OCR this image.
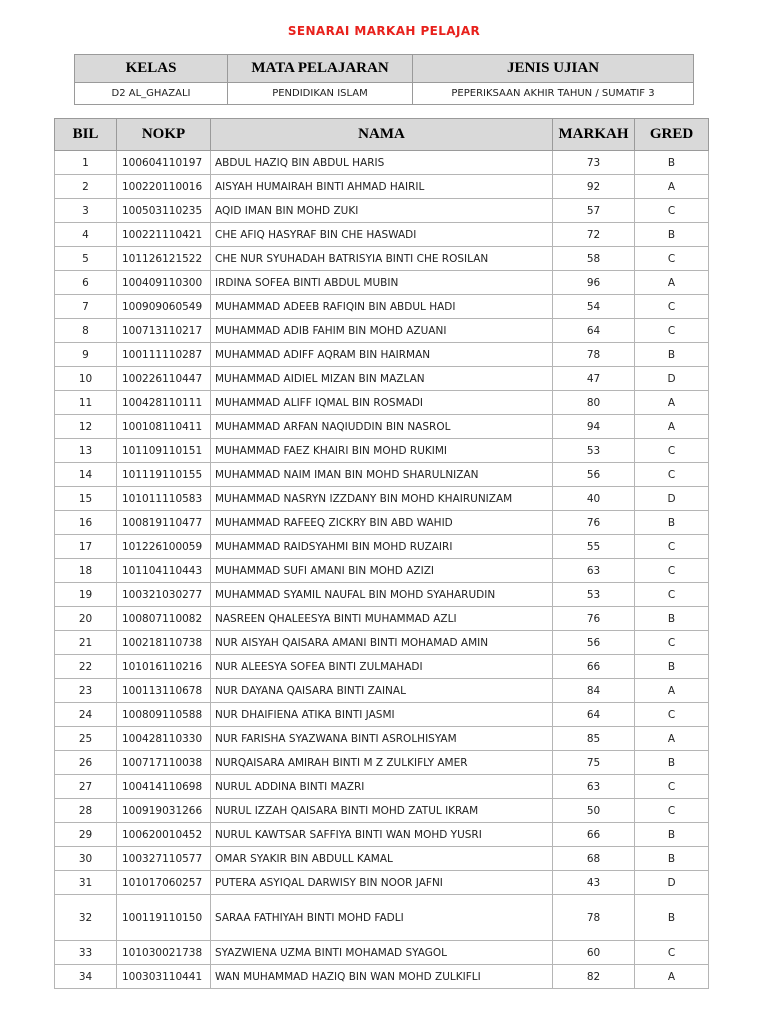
SENARAI MARKAH PELAJAR
KELAS	MATA PELAJARAN	JENIS UJIAN
D2 AL_GHAZALI	PENDIDIKAN ISLAM	PEPERIKSAAN AKHIR TAHUN / SUMATIF 3
BIL	NOKP	NAMA	MARKAH	GRED
1	100604110197	ABDUL HAZIQ BIN ABDUL HARIS	73	B
2	100220110016	AISYAH HUMAIRAH BINTI AHMAD HAIRIL	92	A
3	100503110235	AQID IMAN BIN MOHD ZUKI	57	C
4	100221110421	CHE AFIQ HASYRAF BIN CHE HASWADI	72	B
5	101126121522	CHE NUR SYUHADAH BATRISYIA BINTI CHE ROSILAN	58	C
6	100409110300	IRDINA SOFEA BINTI ABDUL MUBIN	96	A
7	100909060549	MUHAMMAD ADEEB RAFIQIN BIN ABDUL HADI	54	C
8	100713110217	MUHAMMAD ADIB FAHIM BIN MOHD AZUANI	64	C
9	100111110287	MUHAMMAD ADIFF AQRAM BIN HAIRMAN	78	B
10	100226110447	MUHAMMAD AIDIEL MIZAN BIN MAZLAN	47	D
11	100428110111	MUHAMMAD ALIFF IQMAL BIN ROSMADI	80	A
12	100108110411	MUHAMMAD ARFAN NAQIUDDIN BIN NASROL	94	A
13	101109110151	MUHAMMAD FAEZ KHAIRI BIN MOHD RUKIMI	53	C
14	101119110155	MUHAMMAD NAIM IMAN BIN MOHD SHARULNIZAN	56	C
15	101011110583	MUHAMMAD NASRYN IZZDANY BIN MOHD KHAIRUNIZAM	40	D
16	100819110477	MUHAMMAD RAFEEQ ZICKRY BIN ABD WAHID	76	B
17	101226100059	MUHAMMAD RAIDSYAHMI BIN MOHD RUZAIRI	55	C
18	101104110443	MUHAMMAD SUFI AMANI BIN MOHD AZIZI	63	C
19	100321030277	MUHAMMAD SYAMIL NAUFAL BIN MOHD SYAHARUDIN	53	C
20	100807110082	NASREEN QHALEESYA BINTI MUHAMMAD AZLI	76	B
21	100218110738	NUR AISYAH QAISARA AMANI BINTI MOHAMAD AMIN	56	C
22	101016110216	NUR ALEESYA SOFEA BINTI ZULMAHADI	66	B
23	100113110678	NUR DAYANA QAISARA BINTI ZAINAL	84	A
24	100809110588	NUR DHAIFIENA ATIKA BINTI JASMI	64	C
25	100428110330	NUR FARISHA SYAZWANA BINTI ASROLHISYAM	85	A
26	100717110038	NURQAISARA AMIRAH BINTI M Z ZULKIFLY AMER	75	B
27	100414110698	NURUL ADDINA BINTI MAZRI	63	C
28	100919031266	NURUL IZZAH QAISARA BINTI MOHD ZATUL IKRAM	50	C
29	100620010452	NURUL KAWTSAR SAFFIYA BINTI WAN MOHD YUSRI	66	B
30	100327110577	OMAR SYAKIR BIN ABDULL KAMAL	68	B
31	101017060257	PUTERA ASYIQAL DARWISY BIN NOOR JAFNI	43	D
32	100119110150	SARAA FATHIYAH BINTI MOHD FADLI	78	B
33	101030021738	SYAZWIENA UZMA BINTI MOHAMAD SYAGOL	60	C
34	100303110441	WAN MUHAMMAD HAZIQ BIN WAN MOHD ZULKIFLI	82	A
